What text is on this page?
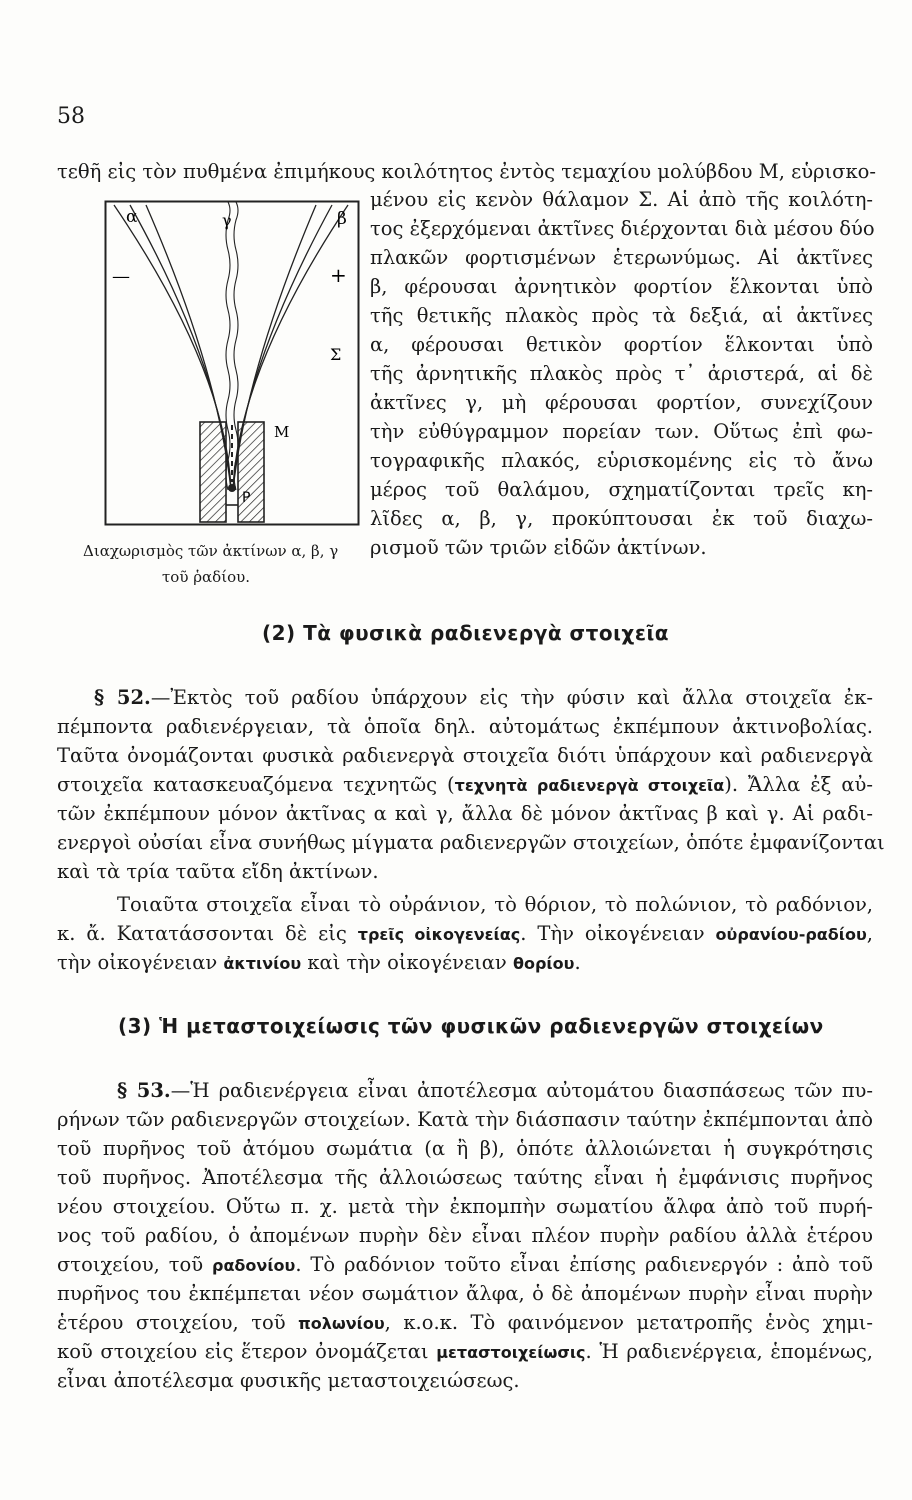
58
τεθῆ εἰς τὸν πυθμένα ἐπιμήκους κοιλότητος ἐντὸς τεμαχίου μολύβδου Μ, εὑρισκο-
μένου εἰς κενὸν θάλαμον Σ. Αἱ ἀπὸ τῆς κοιλότη-
τος ἐξερχόμεναι ἀκτῖνες διέρχονται διὰ μέσου δύο
πλακῶν φορτισμένων ἑτερωνύμως. Αἱ ἀκτῖνες
β, φέρουσαι ἀρνητικὸν φορτίον ἕλκονται ὑπὸ
τῆς θετικῆς πλακὸς πρὸς τὰ δεξιά, αἱ ἀκτῖνες
α, φέρουσαι θετικὸν φορτίον ἕλκονται ὑπὸ
τῆς ἀρνητικῆς πλακὸς πρὸς τ᾿ ἀριστερά, αἱ δὲ
ἀκτῖνες γ, μὴ φέρουσαι φορτίον, συνεχίζουν
τὴν εὐθύγραμμον πορείαν των. Οὕτως ἐπὶ φω-
τογραφικῆς πλακός, εὑρισκομένης εἰς τὸ ἄνω
μέρος τοῦ θαλάμου, σχηματίζονται τρεῖς κη-
λῖδες α, β, γ, προκύπτουσαι ἐκ τοῦ διαχω-
ρισμοῦ τῶν τριῶν εἰδῶν ἀκτίνων.
α	γ	β
—	+
Σ
Μ
Ρ
Διαχωρισμὸς τῶν ἀκτίνων α, β, γ
τοῦ ῥαδίου.
(2) Τὰ φυσικὰ ραδιενεργὰ στοιχεῖα
§ 52.—Ἐκτὸς τοῦ ραδίου ὑπάρχουν εἰς τὴν φύσιν καὶ ἄλλα στοιχεῖα ἐκ-
πέμποντα ραδιενέργειαν, τὰ ὁποῖα δηλ. αὐτομάτως ἐκπέμπουν ἀκτινοβολίας.
Ταῦτα ὀνομάζονται φυσικὰ ραδιενεργὰ στοιχεῖα διότι ὑπάρχουν καὶ ραδιενεργὰ
στοιχεῖα κατασκευαζόμενα τεχνητῶς (τεχνητὰ ραδιενεργὰ στοιχεῖα). Ἄλλα ἐξ αὐ-
τῶν ἐκπέμπουν μόνον ἀκτῖνας α καὶ γ, ἄλλα δὲ μόνον ἀκτῖνας β καὶ γ. Αἱ ραδι-
ενεργοὶ οὐσίαι εἶνα συνήθως μίγματα ραδιενεργῶν στοιχείων, ὁπότε ἐμφανίζονται
καὶ τὰ τρία ταῦτα εἴδη ἀκτίνων.
Τοιαῦτα στοιχεῖα εἶναι τὸ οὐράνιον, τὸ θόριον, τὸ πολώνιον, τὸ ραδόνιον,
κ. ἄ. Κατατάσσονται δὲ εἰς τρεῖς οἰκογενείας. Τὴν οἰκογένειαν οὐρανίου-ραδίου,
τὴν οἰκογένειαν ἀκτινίου καὶ τὴν οἰκογένειαν θορίου.
(3) Ἡ μεταστοιχείωσις τῶν φυσικῶν ραδιενεργῶν στοιχείων
§ 53.—Ἡ ραδιενέργεια εἶναι ἀποτέλεσμα αὐτομάτου διασπάσεως τῶν πυ-
ρήνων τῶν ραδιενεργῶν στοιχείων. Κατὰ τὴν διάσπασιν ταύτην ἐκπέμπονται ἀπὸ
τοῦ πυρῆνος τοῦ ἀτόμου σωμάτια (α ἢ β), ὁπότε ἀλλοιώνεται ἡ συγκρότησις
τοῦ πυρῆνος. Ἀποτέλεσμα τῆς ἀλλοιώσεως ταύτης εἶναι ἡ ἐμφάνισις πυρῆνος
νέου στοιχείου. Οὕτω π. χ. μετὰ τὴν ἐκπομπὴν σωματίου ἄλφα ἀπὸ τοῦ πυρή-
νος τοῦ ραδίου, ὁ ἀπομένων πυρὴν δὲν εἶναι πλέον πυρὴν ραδίου ἀλλὰ ἑτέρου
στοιχείου, τοῦ ραδονίου. Τὸ ραδόνιον τοῦτο εἶναι ἐπίσης ραδιενεργόν : ἀπὸ τοῦ
πυρῆνος του ἐκπέμπεται νέον σωμάτιον ἄλφα, ὁ δὲ ἀπομένων πυρὴν εἶναι πυρὴν
ἑτέρου στοιχείου, τοῦ πολωνίου, κ.ο.κ. Τὸ φαινόμενον μετατροπῆς ἑνὸς χημι-
κοῦ στοιχείου εἰς ἕτερον ὀνομάζεται μεταστοιχείωσις. Ἡ ραδιενέργεια, ἑπομένως,
εἶναι ἀποτέλεσμα φυσικῆς μεταστοιχειώσεως.
